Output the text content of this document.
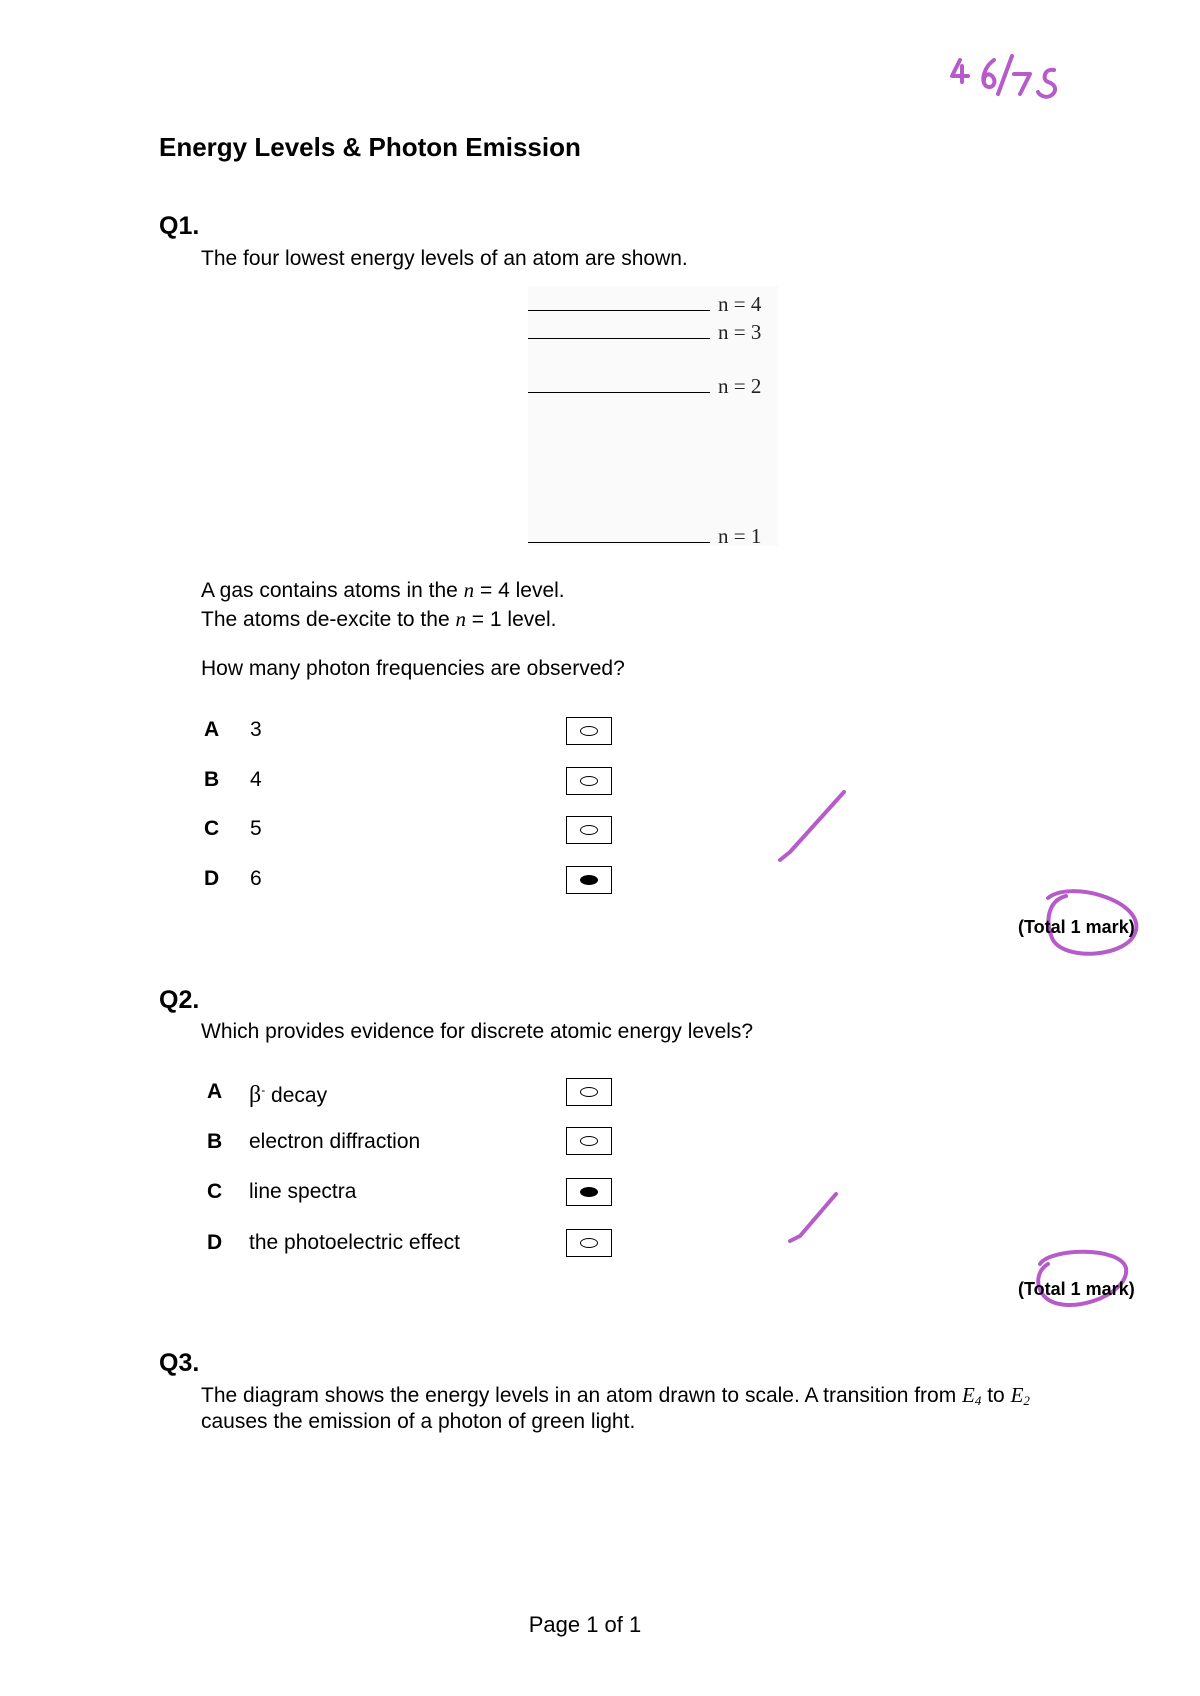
Energy Levels & Photon Emission
Q1.
The four lowest energy levels of an atom are shown.
n = 4
n = 3
n = 2
n = 1
A gas contains atoms in the n = 4 level.
The atoms de-excite to the n = 1 level.
How many photon frequencies are observed?
A 3
B 4
C 5
D 6
(Total 1 mark)
Q2.
Which provides evidence for discrete atomic energy levels?
A β- decay
B electron diffraction
C line spectra
D the photoelectric effect
(Total 1 mark)
Q3.
The diagram shows the energy levels in an atom drawn to scale. A transition from $E_4$ to $E_2$
causes the emission of a photon of green light.
Page 1 of 1
